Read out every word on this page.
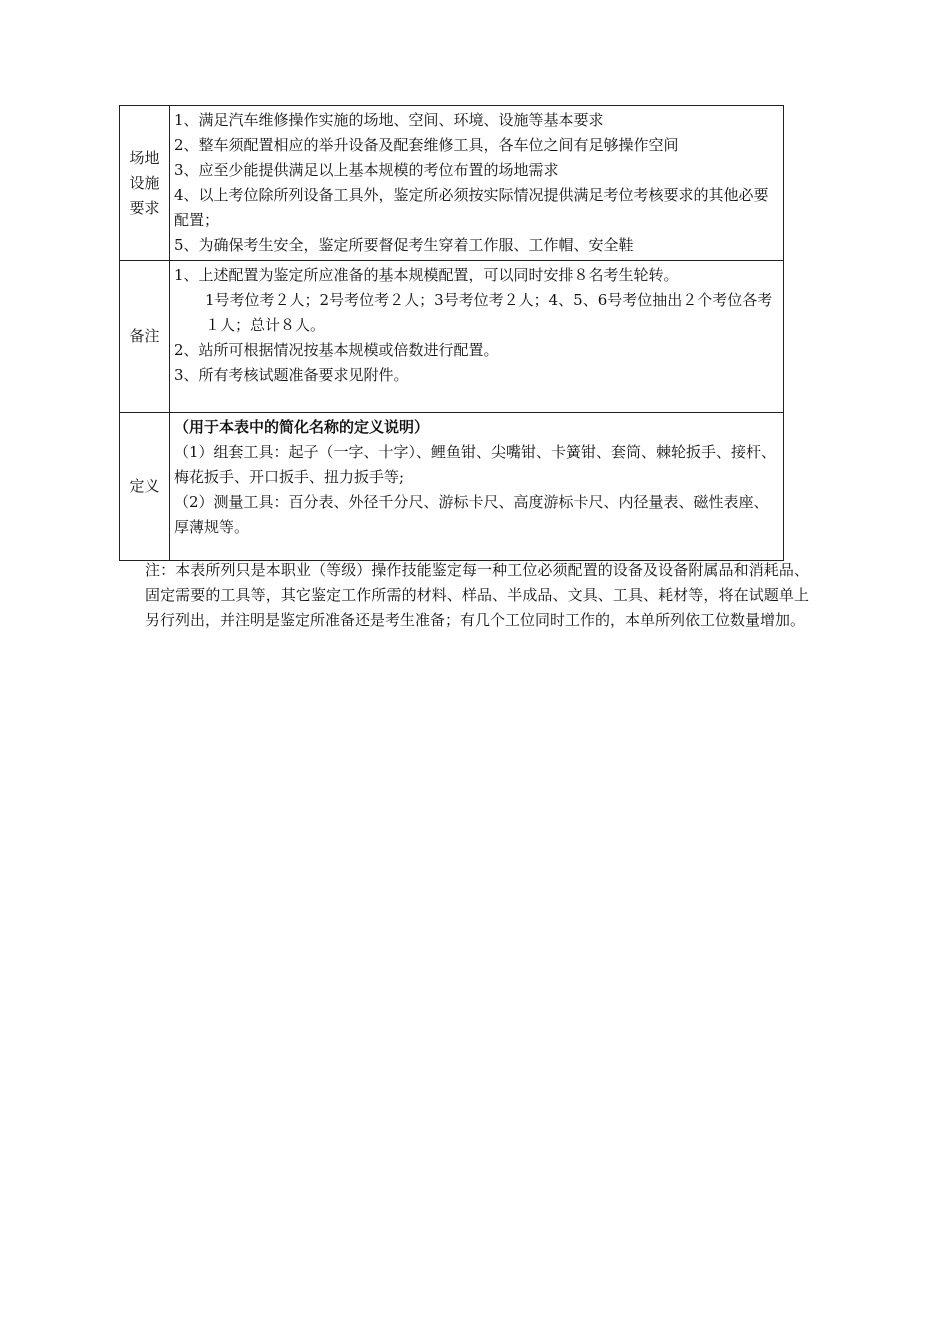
场地设施要求	1、满足汽车维修操作实施的场地、空间、环境、设施等基本要求
2、整车须配置相应的举升设备及配套维修工具，各车位之间有足够操作空间
3、应至少能提供满足以上基本规模的考位布置的场地需求
4、以上考位除所列设备工具外，鉴定所必须按实际情况提供满足考位考核要求的其他必要配置；
5、为确保考生安全，鉴定所要督促考生穿着工作服、工作帽、安全鞋

备注	1、上述配置为鉴定所应准备的基本规模配置，可以同时安排８名考生轮转。
1号考位考２人；2号考位考２人；3号考位考２人；4、5、6号考位抽出２个考位各考１人；总计８人。
2、站所可根据情况按基本规模或倍数进行配置。
3、所有考核试题准备要求见附件。

定义	（用于本表中的简化名称的定义说明）
（1）组套工具：起子（一字、十字）、鲤鱼钳、尖嘴钳、卡簧钳、套筒、棘轮扳手、接杆、梅花扳手、开口扳手、扭力扳手等;
（2）测量工具：百分表、外径千分尺、游标卡尺、高度游标卡尺、内径量表、磁性表座、厚薄规等。
注：本表所列只是本职业（等级）操作技能鉴定每一种工位必须配置的设备及设备附属品和消耗品、固定需要的工具等，其它鉴定工作所需的材料、样品、半成品、文具、工具、耗材等，将在试题单上另行列出，并注明是鉴定所准备还是考生准备；有几个工位同时工作的，本单所列依工位数量增加。
